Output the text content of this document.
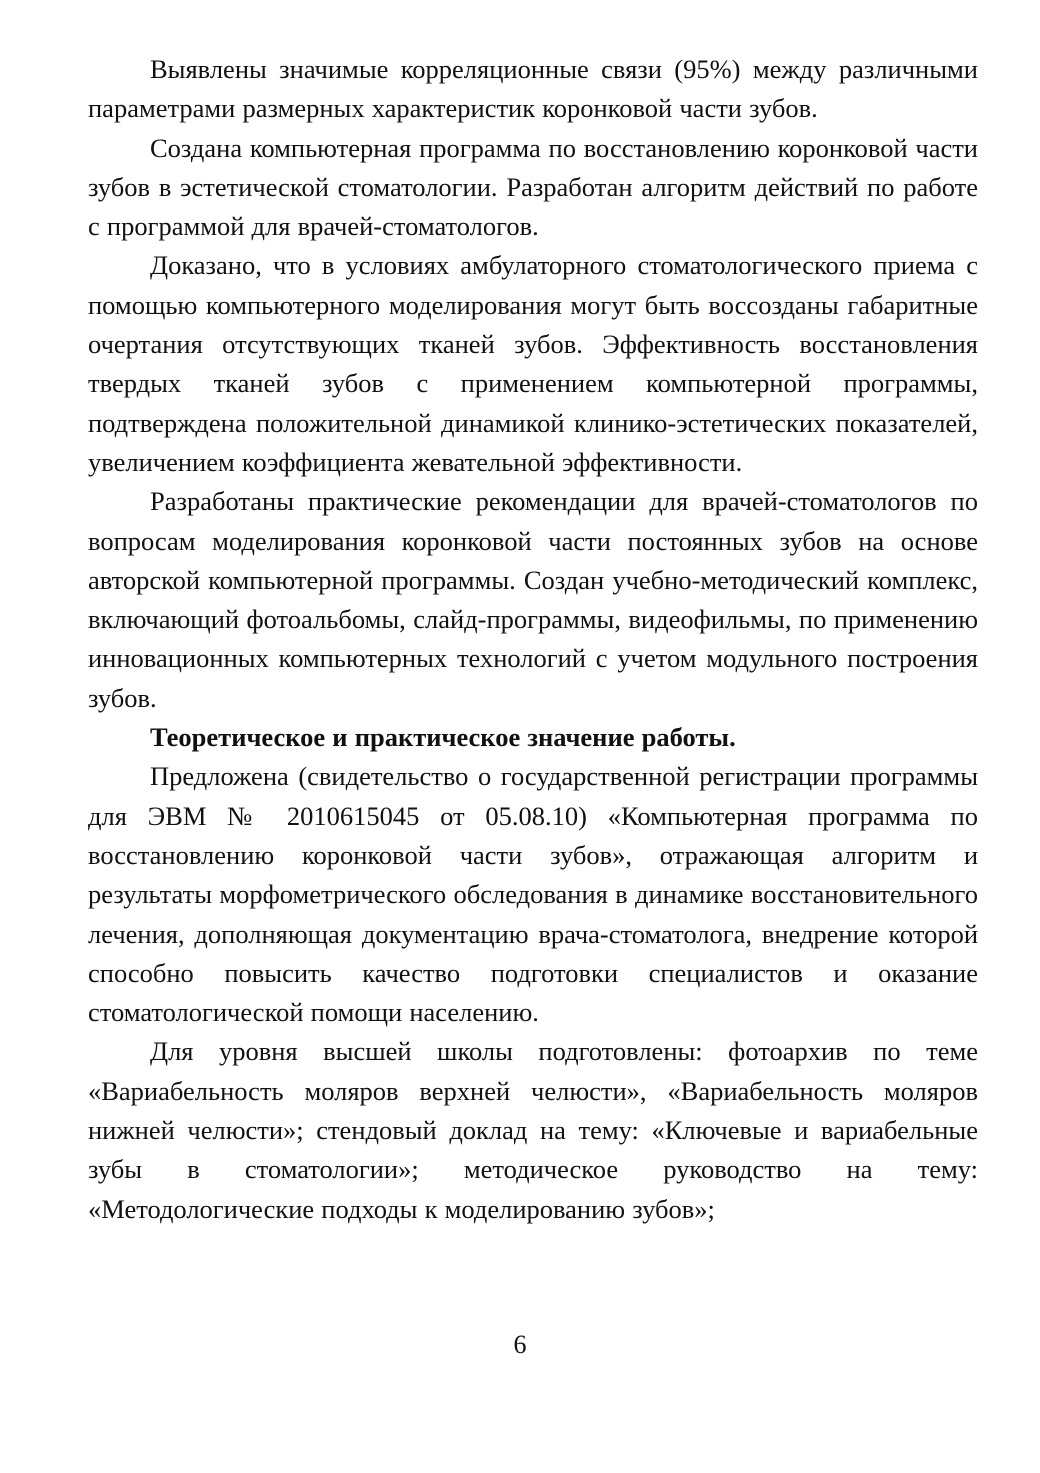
Выявлены значимые корреляционные связи (95%) между различными параметрами размерных характеристик коронковой части зубов.

Создана компьютерная программа по восстановлению коронковой части зубов в эстетической стоматологии. Разработан алгоритм действий по работе с программой для врачей-стоматологов.

Доказано, что в условиях амбулаторного стоматологического приема с помощью компьютерного моделирования могут быть воссозданы габаритные очертания отсутствующих тканей зубов. Эффективность восстановления твердых тканей зубов с применением компьютерной программы, подтверждена положительной динамикой клинико-эстетических показателей, увеличением коэффициента жевательной эффективности.

Разработаны практические рекомендации для врачей-стоматологов по вопросам моделирования коронковой части постоянных зубов на основе авторской компьютерной программы. Создан учебно-методический комплекс, включающий фотоальбомы, слайд-программы, видеофильмы, по применению инновационных компьютерных технологий с учетом модульного построения зубов.

Теоретическое и практическое значение работы.

Предложена (свидетельство о государственной регистрации программы для ЭВМ № 2010615045 от 05.08.10) «Компьютерная программа по восстановлению коронковой части зубов», отражающая алгоритм и результаты морфометрического обследования в динамике восстановительного лечения, дополняющая документацию врача-стоматолога, внедрение которой способно повысить качество подготовки специалистов и оказание стоматологической помощи населению.

Для уровня высшей школы подготовлены: фотоархив по теме «Вариабельность моляров верхней челюсти», «Вариабельность моляров нижней челюсти»; стендовый доклад на тему: «Ключевые и вариабельные зубы в стоматологии»; методическое руководство на тему: «Методологические подходы к моделированию зубов»;

6
